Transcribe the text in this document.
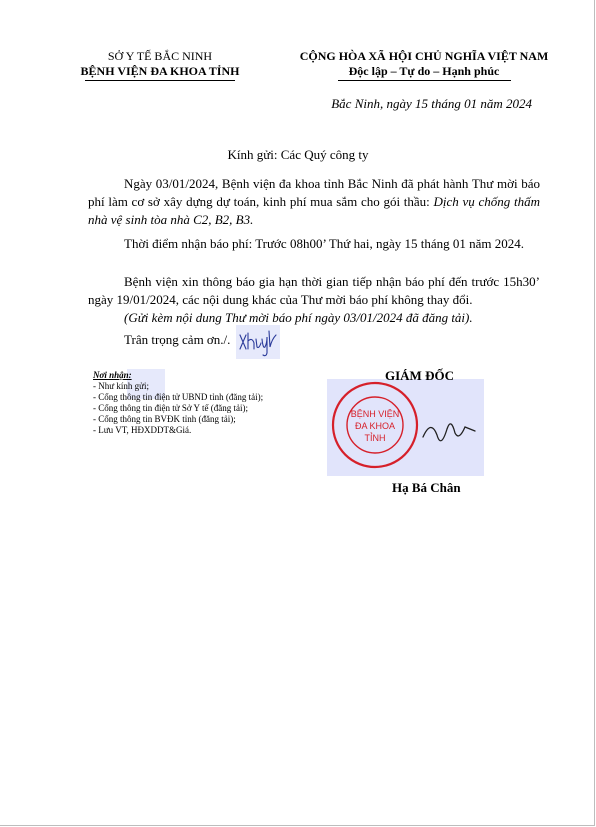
SỞ Y TẾ BẮC NINH
BỆNH VIỆN ĐA KHOA TỈNH
CỘNG HÒA XÃ HỘI CHỦ NGHĨA VIỆT NAM
Độc lập – Tự do – Hạnh phúc
Bắc Ninh, ngày 15 tháng 01 năm 2024
Kính gửi: Các Quý công ty
Ngày 03/01/2024, Bệnh viện đa khoa tỉnh Bắc Ninh đã phát hành Thư mời báo phí làm cơ sở xây dựng dự toán, kinh phí mua sắm cho gói thầu: Dịch vụ chống thấm nhà vệ sinh tòa nhà C2, B2, B3.
Thời điểm nhận báo phí: Trước 08h00’ Thứ hai, ngày 15 tháng 01 năm 2024.
Bệnh viện xin thông báo gia hạn thời gian tiếp nhận báo phí đến trước 15h30’ ngày 19/01/2024, các nội dung khác của Thư mời báo phí không thay đổi.
(Gửi kèm nội dung Thư mời báo phí ngày 03/01/2024 đã đăng tải).
Trân trọng cảm ơn./.
Nơi nhận:
- Như kính gửi;
- Cổng thông tin điện tử UBND tỉnh (đăng tải);
- Cổng thông tin điện tử Sở Y tế (đăng tải);
- Cổng thông tin BVĐK tỉnh (đăng tải);
- Lưu VT, HĐXDDT&Giá.
BỆNH VIỆN
ĐA KHOA
TỈNH
GIÁM ĐỐC
Hạ Bá Chân
